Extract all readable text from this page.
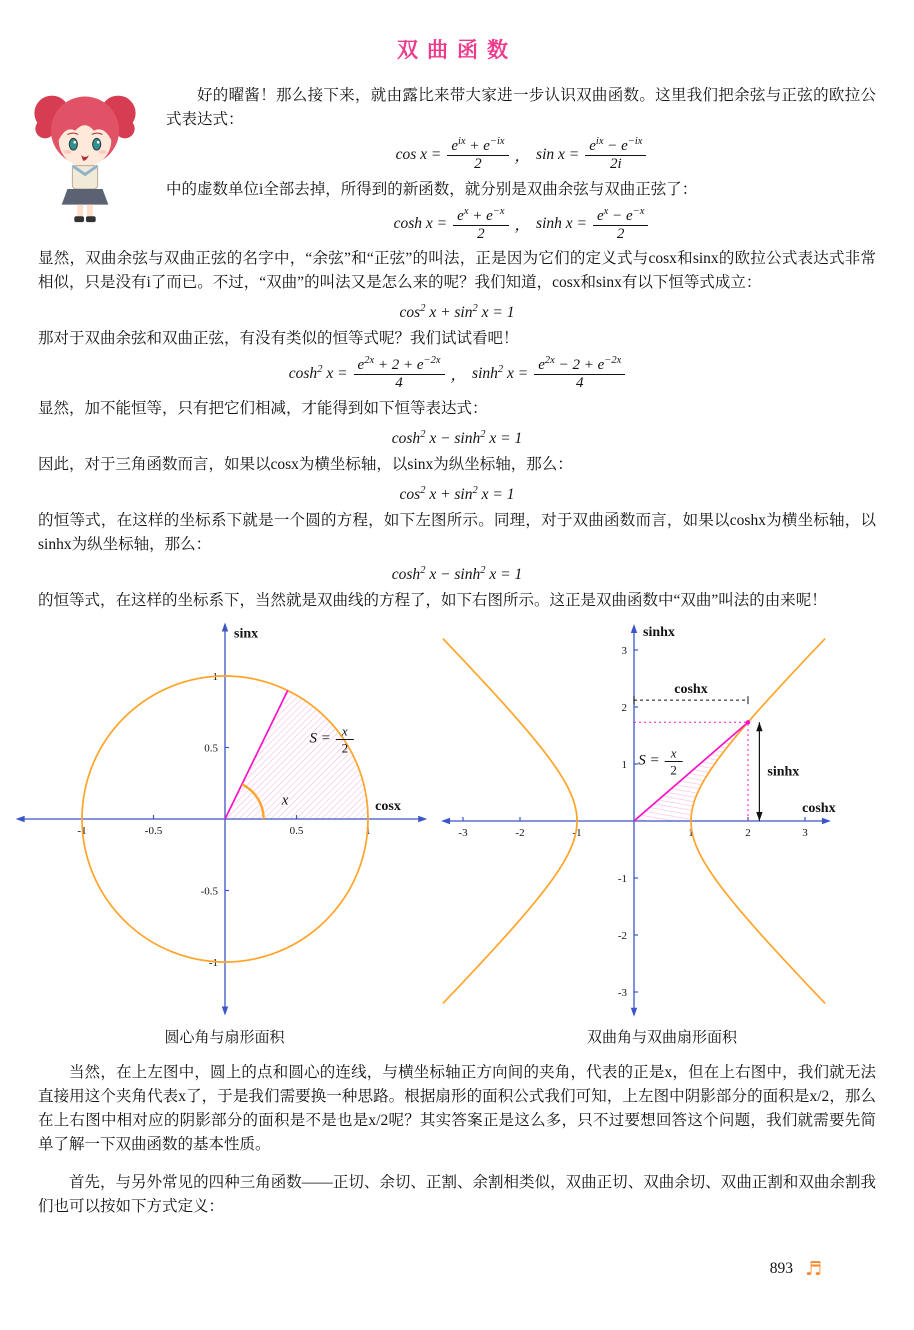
双曲函数

好的曜酱！那么接下来，就由露比来带大家进一步认识双曲函数。这里我们把余弦与正弦的欧拉公式表达式：

$\cos x = \frac{e^{ix} + e^{-ix}}{2}$ ， $\sin x = \frac{e^{ix} - e^{-ix}}{2i}$

中的虚数单位i全部去掉，所得到的新函数，就分别是双曲余弦与双曲正弦了：

$\cosh x = \frac{e^x + e^{-x}}{2}$ ， $\sinh x = \frac{e^x - e^{-x}}{2}$

显然，双曲余弦与双曲正弦的名字中，“余弦”和“正弦”的叫法，正是因为它们的定义式与cosx和sinx的欧拉公式表达式非常相似，只是没有i了而已。不过，“双曲”的叫法又是怎么来的呢？我们知道，cosx和sinx有以下恒等式成立：

$\cos^2 x + \sin^2 x = 1$

那对于双曲余弦和双曲正弦，有没有类似的恒等式呢？我们试试看吧！

$\cosh^2 x = \frac{e^{2x} + 2 + e^{-2x}}{4}$ ， $\sinh^2 x = \frac{e^{2x} - 2 + e^{-2x}}{4}$

显然，加不能恒等，只有把它们相减，才能得到如下恒等表达式：

$\cosh^2 x - \sinh^2 x = 1$

因此，对于三角函数而言，如果以cosx为横坐标轴，以sinx为纵坐标轴，那么：

$\cos^2 x + \sin^2 x = 1$

的恒等式，在这样的坐标系下就是一个圆的方程，如下左图所示。同理，对于双曲函数而言，如果以coshx为横坐标轴，以sinhx为纵坐标轴，那么：

$\cosh^2 x - \sinh^2 x = 1$

的恒等式，在这样的坐标系下，当然就是双曲线的方程了，如下右图所示。这正是双曲函数中“双曲”叫法的由来呢！

-1	-0.5	0.5	1
1
0.5
-0.5
-1
cosx
sinx
x
S = x
2
圆心角与扇形面积
-3	-2	-1	1	2	3
3
2
1
-1
-2
-3
coshx
sinhx
coshx
sinhx
S = x
2
双曲角与双曲扇形面积

当然，在上左图中，圆上的点和圆心的连线，与横坐标轴正方向间的夹角，代表的正是x，但在上右图中，我们就无法直接用这个夹角代表x了，于是我们需要换一种思路。根据扇形的面积公式我们可知，上左图中阴影部分的面积是x/2，那么在上右图中相对应的阴影部分的面积是不是也是x/2呢？其实答案正是这么多，只不过要想回答这个问题，我们就需要先简单了解一下双曲函数的基本性质。

首先，与另外常见的四种三角函数——正切、余切、正割、余割相类似，双曲正切、双曲余切、双曲正割和双曲余割我们也可以按如下方式定义：

893 ♬
